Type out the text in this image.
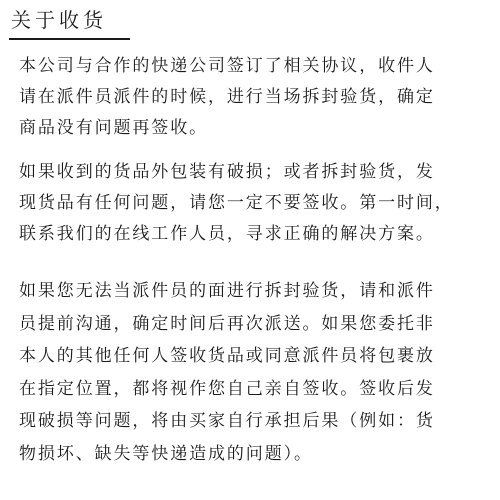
关于收货
本公司与合作的快递公司签订了相关协议，收件人
请在派件员派件的时候，进行当场拆封验货，确定
商品没有问题再签收。
如果收到的货品外包装有破损；或者拆封验货，发
现货品有任何问题，请您一定不要签收。第一时间，
联系我们的在线工作人员，寻求正确的解决方案。
如果您无法当派件员的面进行拆封验货，请和派件
员提前沟通，确定时间后再次派送。如果您委托非
本人的其他任何人签收货品或同意派件员将包裹放
在指定位置，都将视作您自己亲自签收。签收后发
现破损等问题，将由买家自行承担后果（例如：货
物损坏、缺失等快递造成的问题）。
